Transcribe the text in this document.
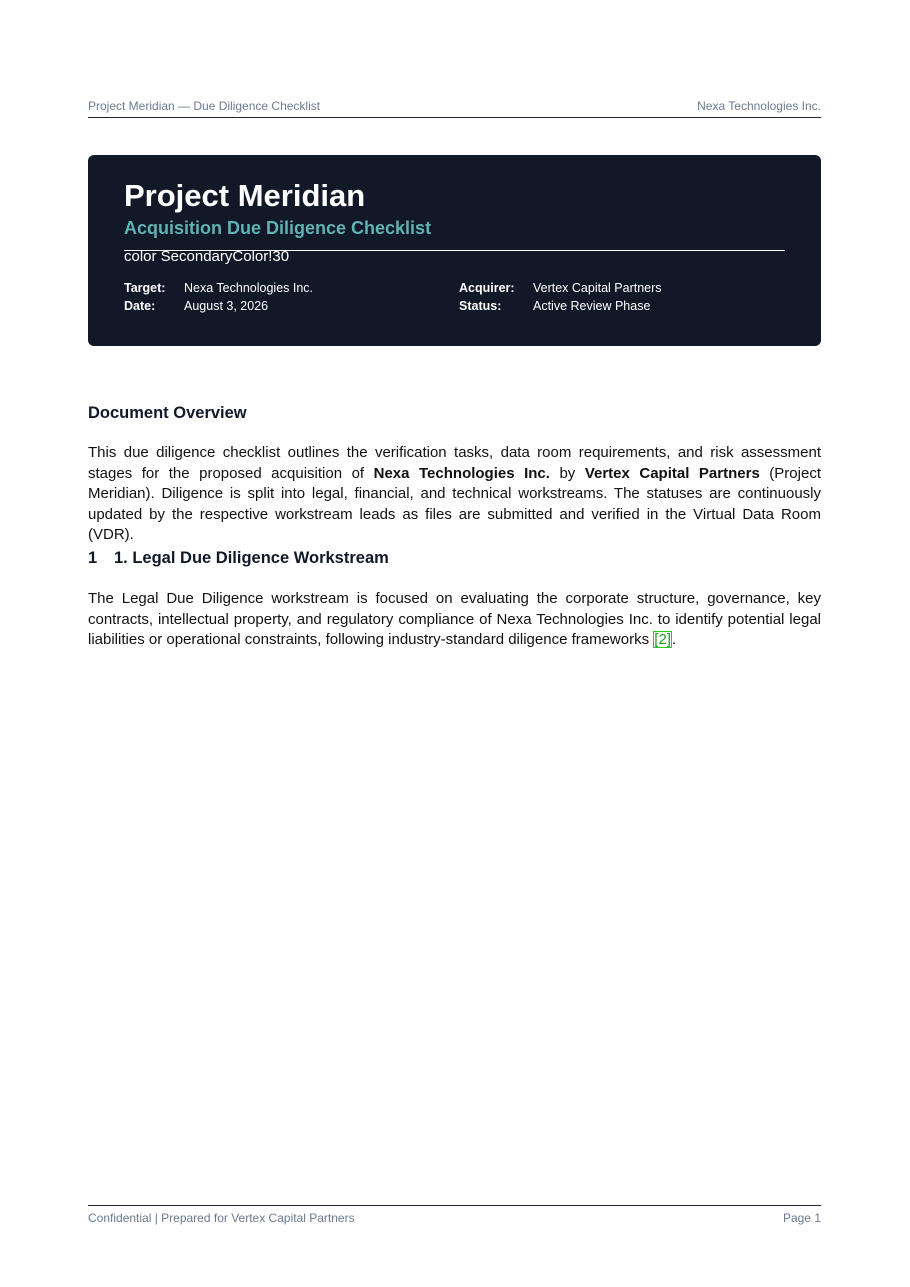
Project Meridian — Due Diligence Checklist	Nexa Technologies Inc.
Project Meridian
Acquisition Due Diligence Checklist
color SecondaryColor!30
Target: Nexa Technologies Inc.	Acquirer: Vertex Capital Partners
Date: August 3, 2026	Status:	Active Review Phase
Document Overview
This due diligence checklist outlines the verification tasks, data room requirements, and risk assessment stages for the proposed acquisition of Nexa Technologies Inc. by Vertex Capital Partners (Project Meridian). Diligence is split into legal, financial, and technical workstreams. The statuses are continuously updated by the respective workstream leads as files are submitted and verified in the Virtual Data Room (VDR).
1 1. Legal Due Diligence Workstream
The Legal Due Diligence workstream is focused on evaluating the corporate structure, governance, key contracts, intellectual property, and regulatory compliance of Nexa Technologies Inc. to identify potential legal liabilities or operational constraints, following industry-standard diligence frameworks [2].
Confidential | Prepared for Vertex Capital Partners	Page 1
